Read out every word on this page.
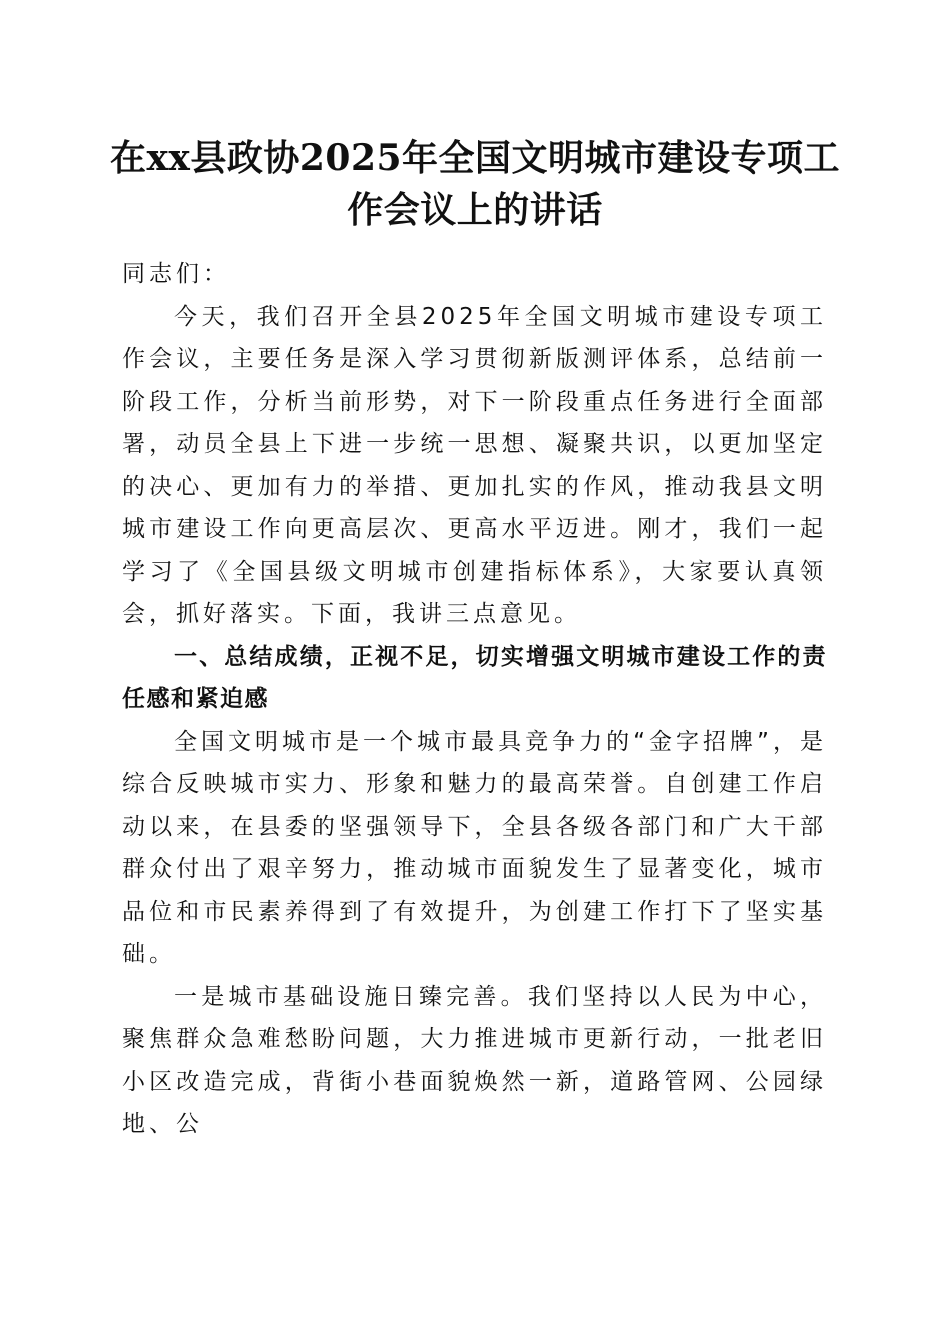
在xx县政协2025年全国文明城市建设专项工
作会议上的讲话

同志们：

今天，我们召开全县2025年全国文明城市建设专项工作会议，主要任务是深入学习贯彻新版测评体系，总结前一阶段工作，分析当前形势，对下一阶段重点任务进行全面部署，动员全县上下进一步统一思想、凝聚共识，以更加坚定的决心、更加有力的举措、更加扎实的作风，推动我县文明城市建设工作向更高层次、更高水平迈进。刚才，我们一起学习了《全国县级文明城市创建指标体系》，大家要认真领会，抓好落实。下面，我讲三点意见。

一、总结成绩，正视不足，切实增强文明城市建设工作的责任感和紧迫感

全国文明城市是一个城市最具竞争力的“金字招牌”，是综合反映城市实力、形象和魅力的最高荣誉。自创建工作启动以来，在县委的坚强领导下，全县各级各部门和广大干部群众付出了艰辛努力，推动城市面貌发生了显著变化，城市品位和市民素养得到了有效提升，为创建工作打下了坚实基础。

一是城市基础设施日臻完善。我们坚持以人民为中心，聚焦群众急难愁盼问题，大力推进城市更新行动，一批老旧小区改造完成，背街小巷面貌焕然一新，道路管网、公园绿地、公
